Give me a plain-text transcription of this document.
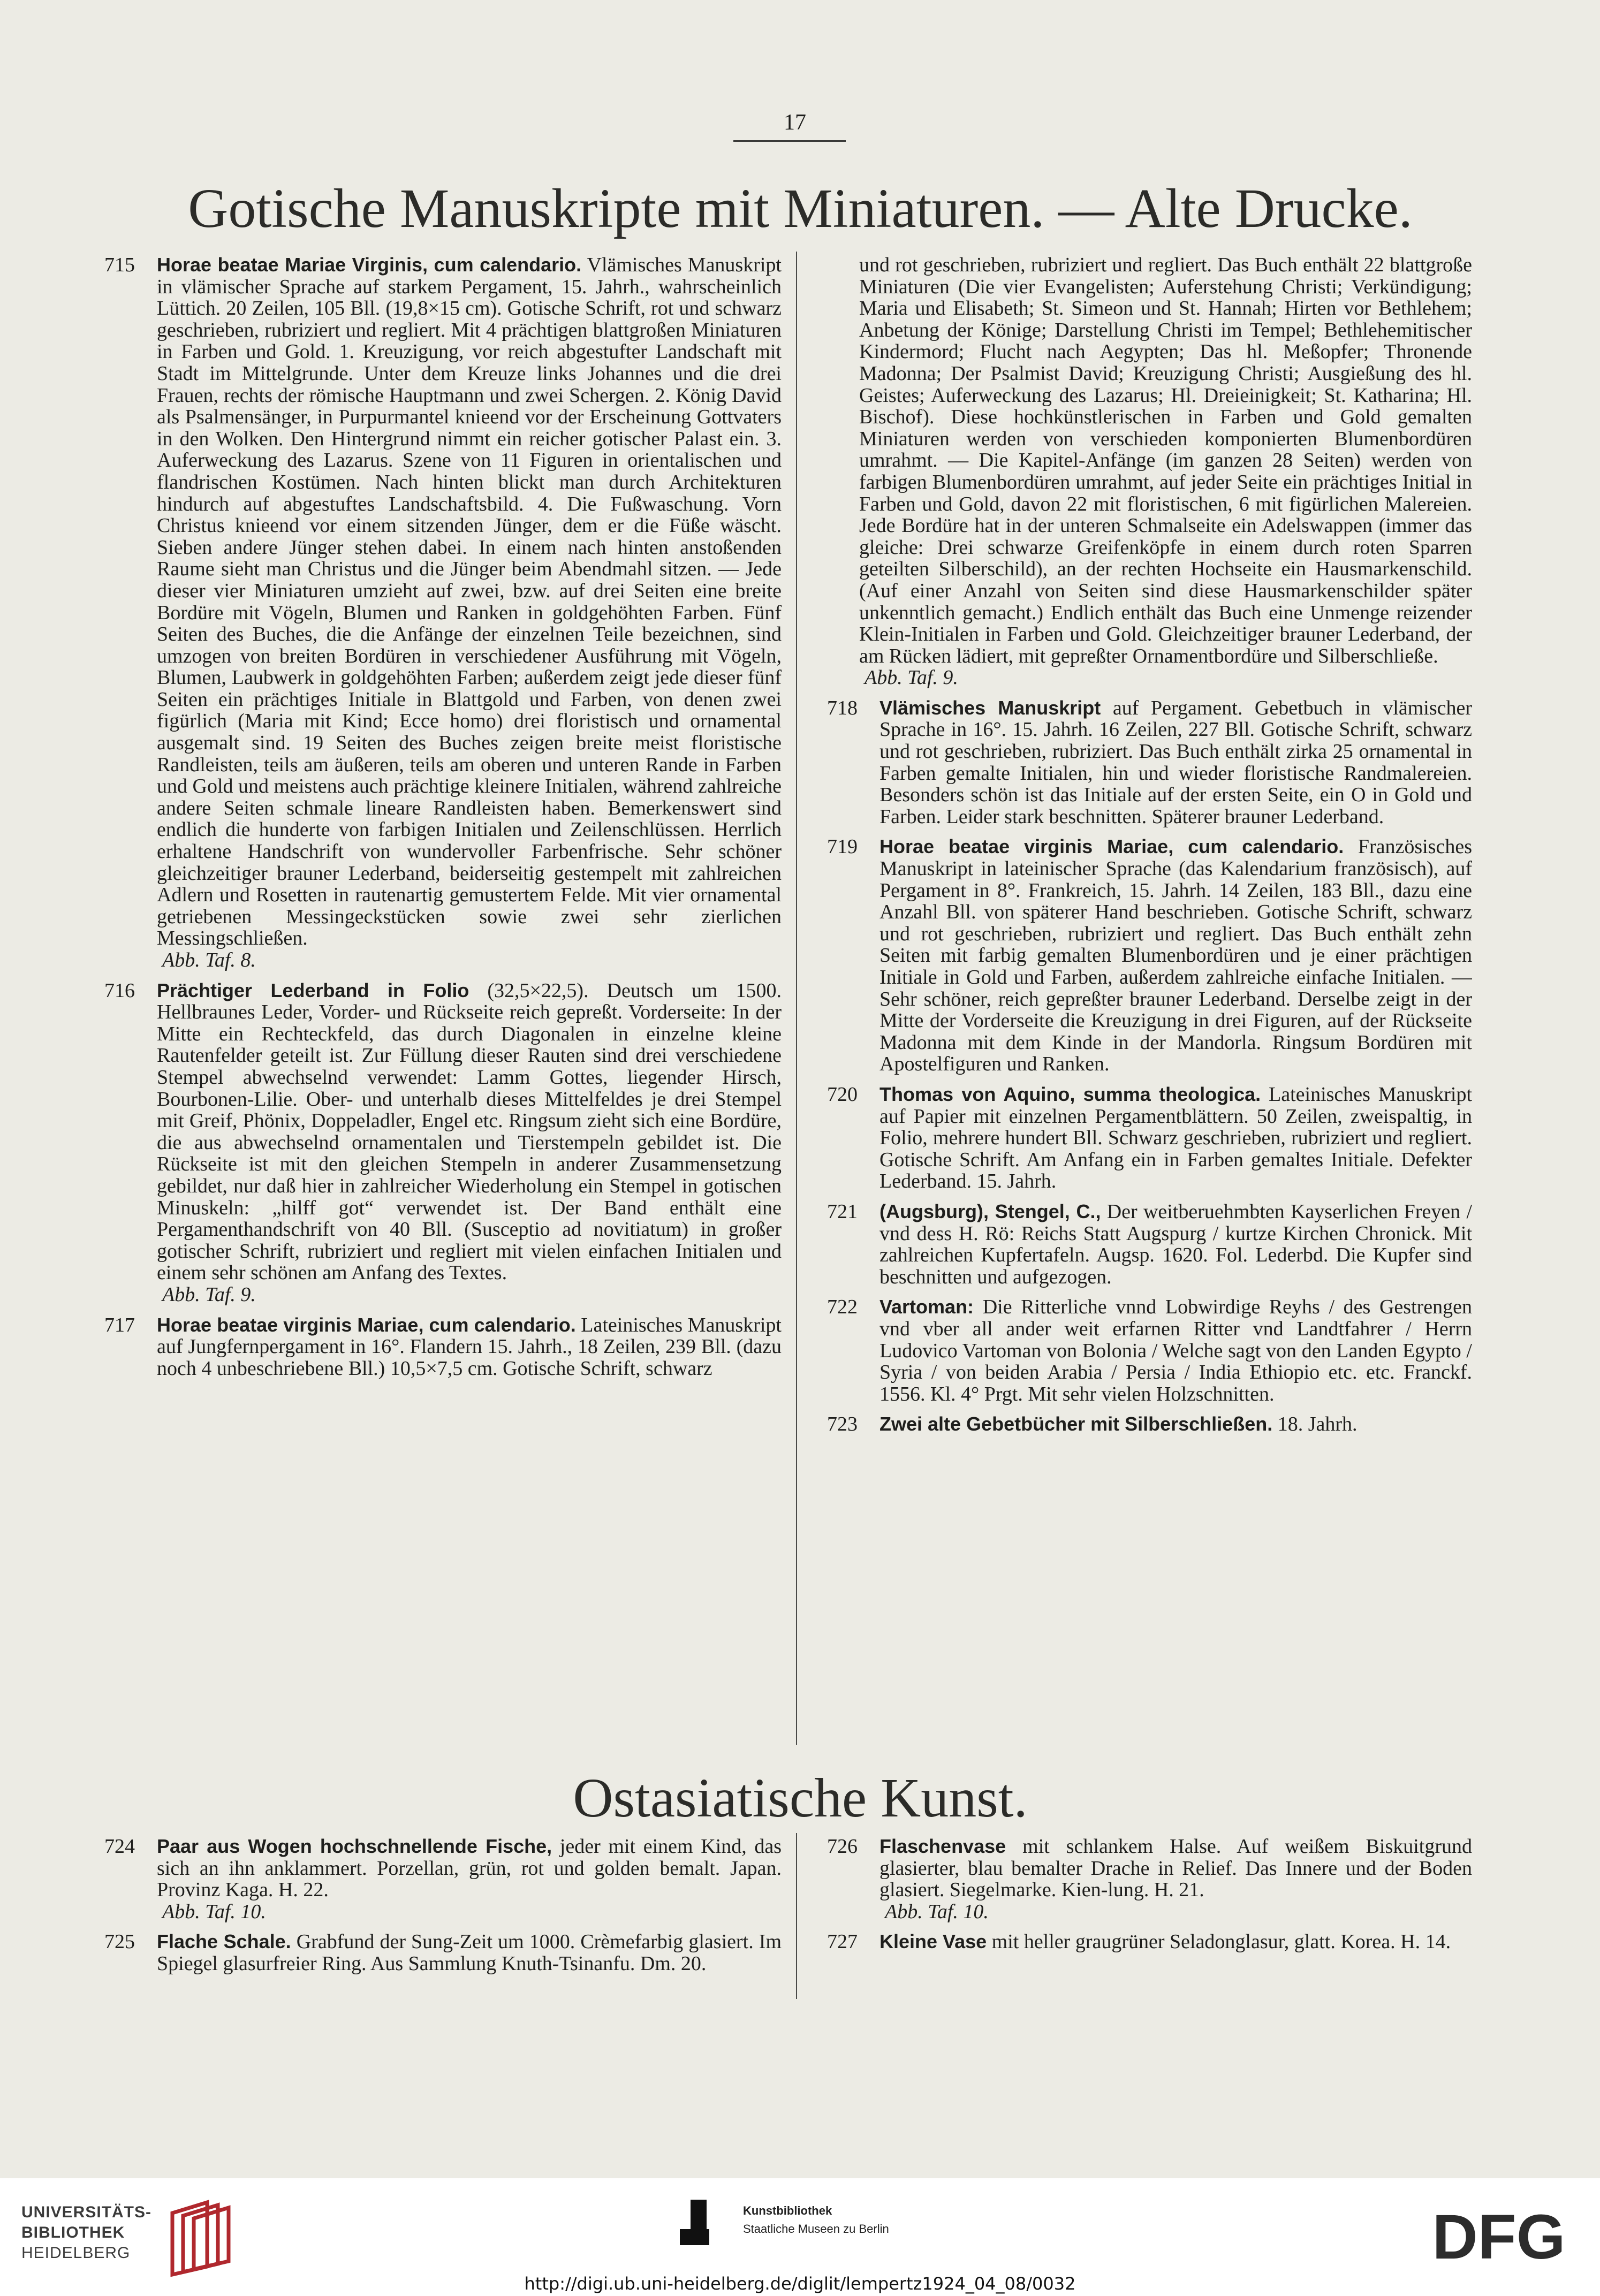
17
Gotische Manuskripte mit Miniaturen. — Alte Drucke.
715	Horae beatae Mariae Virginis, cum calendario. Vlämisches Manuskript in vlämischer Sprache auf starkem Pergament, 15. Jahrh., wahrscheinlich Lüttich. 20 Zeilen, 105 Bll. (19,8×15 cm). Gotische Schrift, rot und schwarz geschrieben, rubriziert und regliert. Mit 4 prächtigen blattgroßen Miniaturen in Farben und Gold. 1. Kreuzigung, vor reich abgestufter Landschaft mit Stadt im Mittelgrunde. Unter dem Kreuze links Johannes und die drei Frauen, rechts der römische Hauptmann und zwei Schergen. 2. König David als Psalmensänger, in Purpurmantel knieend vor der Erscheinung Gottvaters in den Wolken. Den Hintergrund nimmt ein reicher gotischer Palast ein. 3. Auferweckung des Lazarus. Szene von 11 Figuren in orientalischen und flandrischen Kostümen. Nach hinten blickt man durch Architekturen hindurch auf abgestuftes Landschaftsbild. 4. Die Fußwaschung. Vorn Christus knieend vor einem sitzenden Jünger, dem er die Füße wäscht. Sieben andere Jünger stehen dabei. In einem nach hinten anstoßenden Raume sieht man Christus und die Jünger beim Abendmahl sitzen. — Jede dieser vier Miniaturen umzieht auf zwei, bzw. auf drei Seiten eine breite Bordüre mit Vögeln, Blumen und Ranken in goldgehöhten Farben. Fünf Seiten des Buches, die die Anfänge der einzelnen Teile bezeichnen, sind umzogen von breiten Bordüren in verschiedener Ausführung mit Vögeln, Blumen, Laubwerk in goldgehöhten Farben; außerdem zeigt jede dieser fünf Seiten ein prächtiges Initiale in Blattgold und Farben, von denen zwei figürlich (Maria mit Kind; Ecce homo) drei floristisch und ornamental ausgemalt sind. 19 Seiten des Buches zeigen breite meist floristische Randleisten, teils am äußeren, teils am oberen und unteren Rande in Farben und Gold und meistens auch prächtige kleinere Initialen, während zahlreiche andere Seiten schmale lineare Randleisten haben. Bemerkenswert sind endlich die hunderte von farbigen Initialen und Zeilenschlüssen. Herrlich erhaltene Handschrift von wundervoller Farbenfrische. Sehr schöner gleichzeitiger brauner Lederband, beiderseitig gestempelt mit zahlreichen Adlern und Rosetten in rautenartig gemustertem Felde. Mit vier ornamental getriebenen Messingeckstücken sowie zwei sehr zierlichen Messingschließen.
Abb. Taf. 8.
716	Prächtiger Lederband in Folio (32,5×22,5). Deutsch um 1500. Hellbraunes Leder, Vorder- und Rückseite reich gepreßt. Vorderseite: In der Mitte ein Rechteckfeld, das durch Diagonalen in einzelne kleine Rautenfelder geteilt ist. Zur Füllung dieser Rauten sind drei verschiedene Stempel abwechselnd verwendet: Lamm Gottes, liegender Hirsch, Bourbonen-Lilie. Ober- und unterhalb dieses Mittelfeldes je drei Stempel mit Greif, Phönix, Doppeladler, Engel etc. Ringsum zieht sich eine Bordüre, die aus abwechselnd ornamentalen und Tierstempeln gebildet ist. Die Rückseite ist mit den gleichen Stempeln in anderer Zusammensetzung gebildet, nur daß hier in zahlreicher Wiederholung ein Stempel in gotischen Minuskeln: „hilff got“ verwendet ist. Der Band enthält eine Pergamenthandschrift von 40 Bll. (Susceptio ad novitiatum) in großer gotischer Schrift, rubriziert und regliert mit vielen einfachen Initialen und einem sehr schönen am Anfang des Textes.
Abb. Taf. 9.
717	Horae beatae virginis Mariae, cum calendario. Lateinisches Manuskript auf Jungfernpergament in 16°. Flandern 15. Jahrh., 18 Zeilen, 239 Bll. (dazu noch 4 unbeschriebene Bll.) 10,5×7,5 cm. Gotische Schrift, schwarz
und rot geschrieben, rubriziert und regliert. Das Buch enthält 22 blattgroße Miniaturen (Die vier Evangelisten; Auferstehung Christi; Verkündigung; Maria und Elisabeth; St. Simeon und St. Hannah; Hirten vor Bethlehem; Anbetung der Könige; Darstellung Christi im Tempel; Bethlehemitischer Kindermord; Flucht nach Aegypten; Das hl. Meßopfer; Thronende Madonna; Der Psalmist David; Kreuzigung Christi; Ausgießung des hl. Geistes; Auferweckung des Lazarus; Hl. Dreieinigkeit; St. Katharina; Hl. Bischof). Diese hochkünstlerischen in Farben und Gold gemalten Miniaturen werden von verschieden komponierten Blumenbordüren umrahmt. — Die Kapitel-Anfänge (im ganzen 28 Seiten) werden von farbigen Blumenbordüren umrahmt, auf jeder Seite ein prächtiges Initial in Farben und Gold, davon 22 mit floristischen, 6 mit figürlichen Malereien. Jede Bordüre hat in der unteren Schmalseite ein Adelswappen (immer das gleiche: Drei schwarze Greifenköpfe in einem durch roten Sparren geteilten Silberschild), an der rechten Hochseite ein Hausmarkenschild. (Auf einer Anzahl von Seiten sind diese Hausmarkenschilder später unkenntlich gemacht.) Endlich enthält das Buch eine Unmenge reizender Klein-Initialen in Farben und Gold. Gleichzeitiger brauner Lederband, der am Rücken lädiert, mit gepreßter Ornamentbordüre und Silberschließe.
Abb. Taf. 9.
718	Vlämisches Manuskript auf Pergament. Gebetbuch in vlämischer Sprache in 16°. 15. Jahrh. 16 Zeilen, 227 Bll. Gotische Schrift, schwarz und rot geschrieben, rubriziert. Das Buch enthält zirka 25 ornamental in Farben gemalte Initialen, hin und wieder floristische Randmalereien. Besonders schön ist das Initiale auf der ersten Seite, ein O in Gold und Farben. Leider stark beschnitten. Späterer brauner Lederband.
719	Horae beatae virginis Mariae, cum calendario. Französisches Manuskript in lateinischer Sprache (das Kalendarium französisch), auf Pergament in 8°. Frankreich, 15. Jahrh. 14 Zeilen, 183 Bll., dazu eine Anzahl Bll. von späterer Hand beschrieben. Gotische Schrift, schwarz und rot geschrieben, rubriziert und regliert. Das Buch enthält zehn Seiten mit farbig gemalten Blumenbordüren und je einer prächtigen Initiale in Gold und Farben, außerdem zahlreiche einfache Initialen. — Sehr schöner, reich gepreßter brauner Lederband. Derselbe zeigt in der Mitte der Vorderseite die Kreuzigung in drei Figuren, auf der Rückseite Madonna mit dem Kinde in der Mandorla. Ringsum Bordüren mit Apostelfiguren und Ranken.
720	Thomas von Aquino, summa theologica. Lateinisches Manuskript auf Papier mit einzelnen Pergamentblättern. 50 Zeilen, zweispaltig, in Folio, mehrere hundert Bll. Schwarz geschrieben, rubriziert und regliert. Gotische Schrift. Am Anfang ein in Farben gemaltes Initiale. Defekter Lederband. 15. Jahrh.
721	(Augsburg), Stengel, C., Der weitberuehmbten Kayserlichen Freyen / vnd dess H. Rö: Reichs Statt Augspurg / kurtze Kirchen Chronick. Mit zahlreichen Kupfertafeln. Augsp. 1620. Fol. Lederbd. Die Kupfer sind beschnitten und aufgezogen.
722	Vartoman: Die Ritterliche vnnd Lobwirdige Reyhs / des Gestrengen vnd vber all ander weit erfarnen Ritter vnd Landtfahrer / Herrn Ludovico Vartoman von Bolonia / Welche sagt von den Landen Egypto / Syria / von beiden Arabia / Persia / India Ethiopio etc. etc. Franckf. 1556. Kl. 4° Prgt. Mit sehr vielen Holzschnitten.
723	Zwei alte Gebetbücher mit Silberschließen. 18. Jahrh.
Ostasiatische Kunst.
724	Paar aus Wogen hochschnellende Fische, jeder mit einem Kind, das sich an ihn anklammert. Porzellan, grün, rot und golden bemalt. Japan. Provinz Kaga. H. 22.
Abb. Taf. 10.
725	Flache Schale. Grabfund der Sung-Zeit um 1000. Crèmefarbig glasiert. Im Spiegel glasurfreier Ring. Aus Sammlung Knuth-Tsinanfu. Dm. 20.
726	Flaschenvase mit schlankem Halse. Auf weißem Biskuitgrund glasierter, blau bemalter Drache in Relief. Das Innere und der Boden glasiert. Siegelmarke. Kien-lung. H. 21.
Abb. Taf. 10.
727	Kleine Vase mit heller graugrüner Seladonglasur, glatt. Korea. H. 14.
UNIVERSITÄTS-
BIBLIOTHEK
HEIDELBERG
Kunstbibliothek
Staatliche Museen zu Berlin	DFG
http://digi.ub.uni-heidelberg.de/diglit/lempertz1924_04_08/0032
